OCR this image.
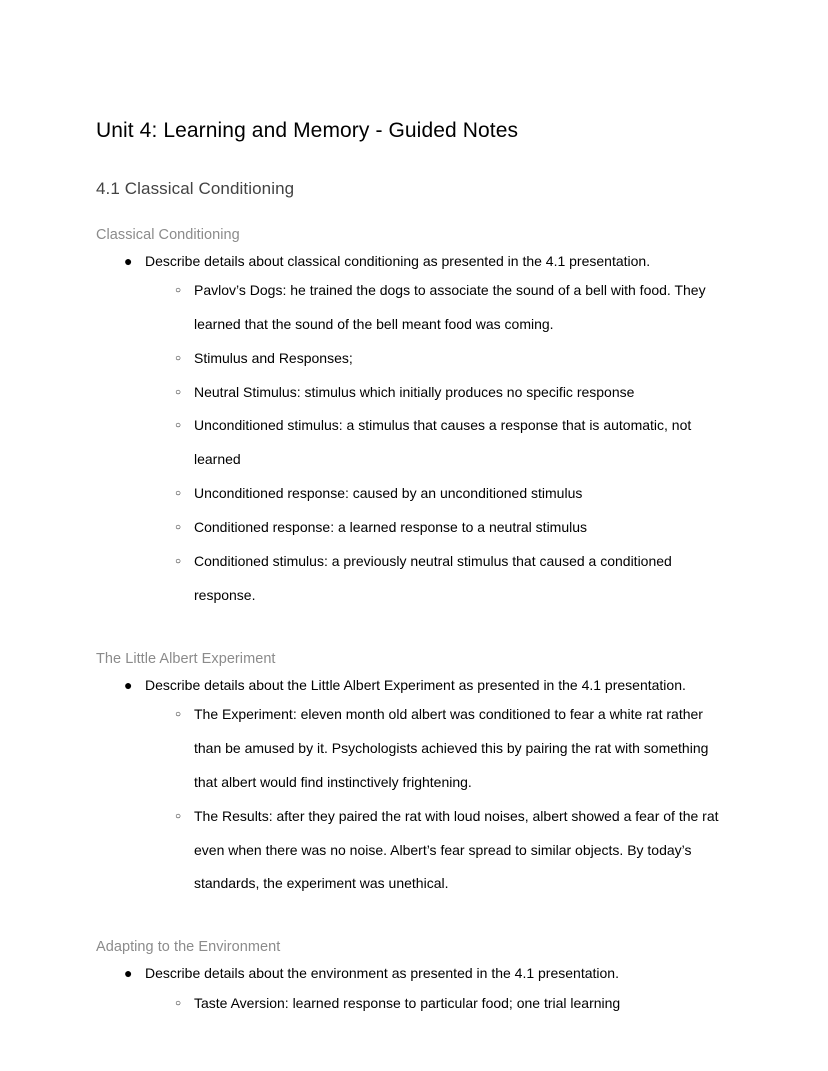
Unit 4: Learning and Memory - Guided Notes
4.1 Classical Conditioning
Classical Conditioning
● Describe details about classical conditioning as presented in the 4.1 presentation.
○ Pavlov’s Dogs: he trained the dogs to associate the sound of a bell with food. They learned that the sound of the bell meant food was coming.
○ Stimulus and Responses;
○ Neutral Stimulus: stimulus which initially produces no specific response
○ Unconditioned stimulus: a stimulus that causes a response that is automatic, not learned
○ Unconditioned response: caused by an unconditioned stimulus
○ Conditioned response: a learned response to a neutral stimulus
○ Conditioned stimulus: a previously neutral stimulus that caused a conditioned response.
The Little Albert Experiment
● Describe details about the Little Albert Experiment as presented in the 4.1 presentation.
○ The Experiment: eleven month old albert was conditioned to fear a white rat rather than be amused by it. Psychologists achieved this by pairing the rat with something that albert would find instinctively frightening.
○ The Results: after they paired the rat with loud noises, albert showed a fear of the rat even when there was no noise. Albert’s fear spread to similar objects. By today’s standards, the experiment was unethical.
Adapting to the Environment
● Describe details about the environment as presented in the 4.1 presentation.
○ Taste Aversion: learned response to particular food; one trial learning
